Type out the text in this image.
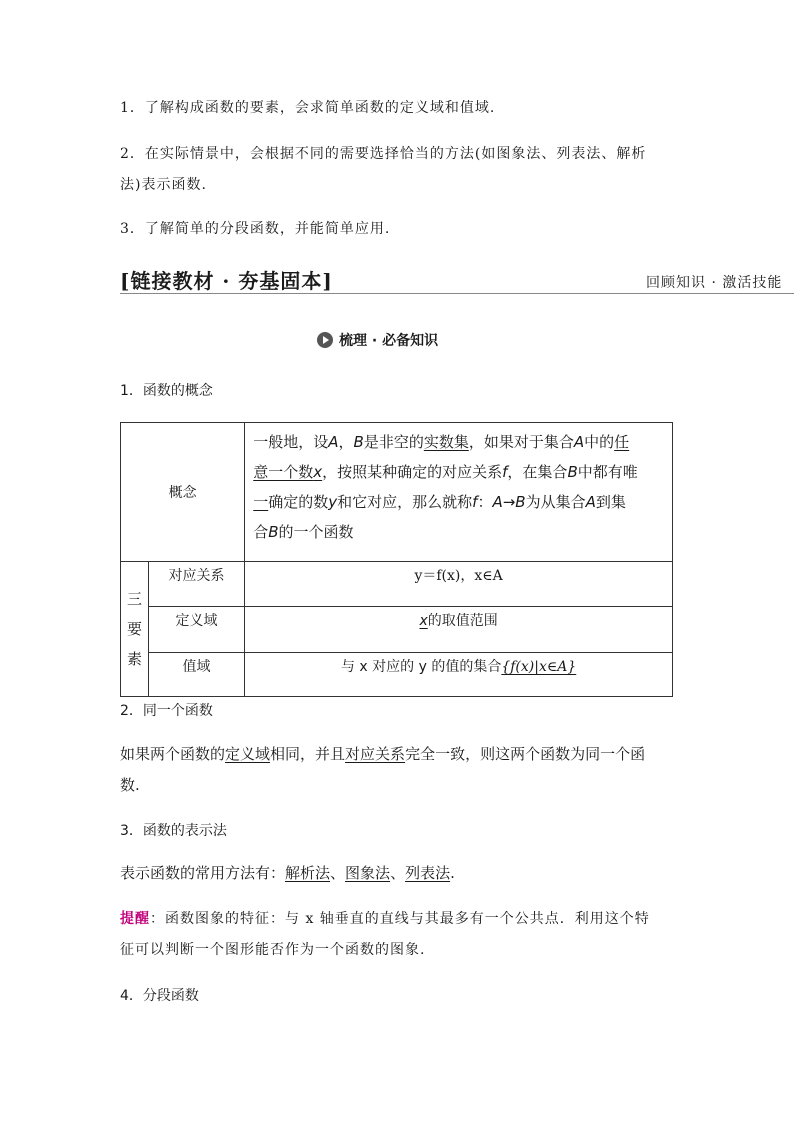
1．了解构成函数的要素，会求简单函数的定义域和值域.
2．在实际情景中，会根据不同的需要选择恰当的方法(如图象法、列表法、解析
法)表示函数.
3．了解简单的分段函数，并能简单应用.
[链接教材 · 夯基固本]	回顾知识 · 激活技能
梳理 · 必备知识
1．函数的概念
概念		一般地，设A，B是非空的实数集，如果对于集合A中的任
意一个数x，按照某种确定的对应关系f，在集合B中都有唯
一确定的数y和它对应，那么就称f：A→B为从集合A到集
合B的一个函数

三
要
素	对应关系	y＝f(x)，x∈A
	定义域	x的取值范围
	值域	与 x 对应的 y 的值的集合{f(x)|x∈A}
2．同一个函数
如果两个函数的定义域相同，并且对应关系完全一致，则这两个函数为同一个函
数.
3．函数的表示法
表示函数的常用方法有：解析法、图象法、列表法.
提醒：函数图象的特征：与 x 轴垂直的直线与其最多有一个公共点．利用这个特
征可以判断一个图形能否作为一个函数的图象.
4．分段函数
